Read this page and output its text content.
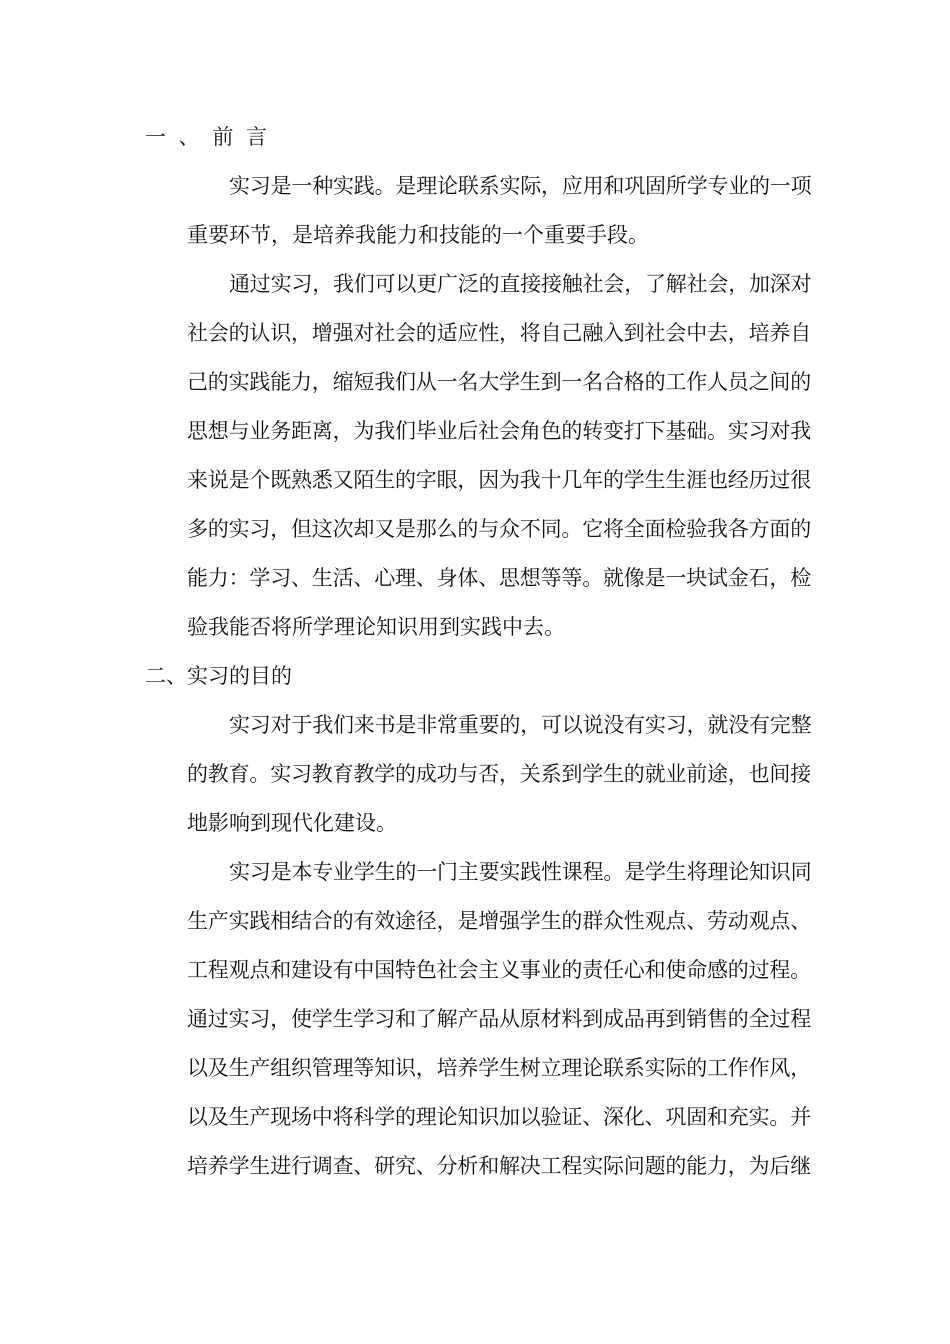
一 、 前 言
实习是一种实践。是理论联系实际，应用和巩固所学专业的一项
重要环节，是培养我能力和技能的一个重要手段。
通过实习，我们可以更广泛的直接接触社会，了解社会，加深对
社会的认识，增强对社会的适应性，将自己融入到社会中去，培养自
己的实践能力，缩短我们从一名大学生到一名合格的工作人员之间的
思想与业务距离，为我们毕业后社会角色的转变打下基础。实习对我
来说是个既熟悉又陌生的字眼，因为我十几年的学生生涯也经历过很
多的实习，但这次却又是那么的与众不同。它将全面检验我各方面的
能力：学习、生活、心理、身体、思想等等。就像是一块试金石，检
验我能否将所学理论知识用到实践中去。
二、实习的目的
实习对于我们来书是非常重要的，可以说没有实习，就没有完整
的教育。实习教育教学的成功与否，关系到学生的就业前途，也间接
地影响到现代化建设。
实习是本专业学生的一门主要实践性课程。是学生将理论知识同
生产实践相结合的有效途径，是增强学生的群众性观点、劳动观点、
工程观点和建设有中国特色社会主义事业的责任心和使命感的过程。
通过实习，使学生学习和了解产品从原材料到成品再到销售的全过程
以及生产组织管理等知识，培养学生树立理论联系实际的工作作风，
以及生产现场中将科学的理论知识加以验证、深化、巩固和充实。并
培养学生进行调查、研究、分析和解决工程实际问题的能力，为后继
